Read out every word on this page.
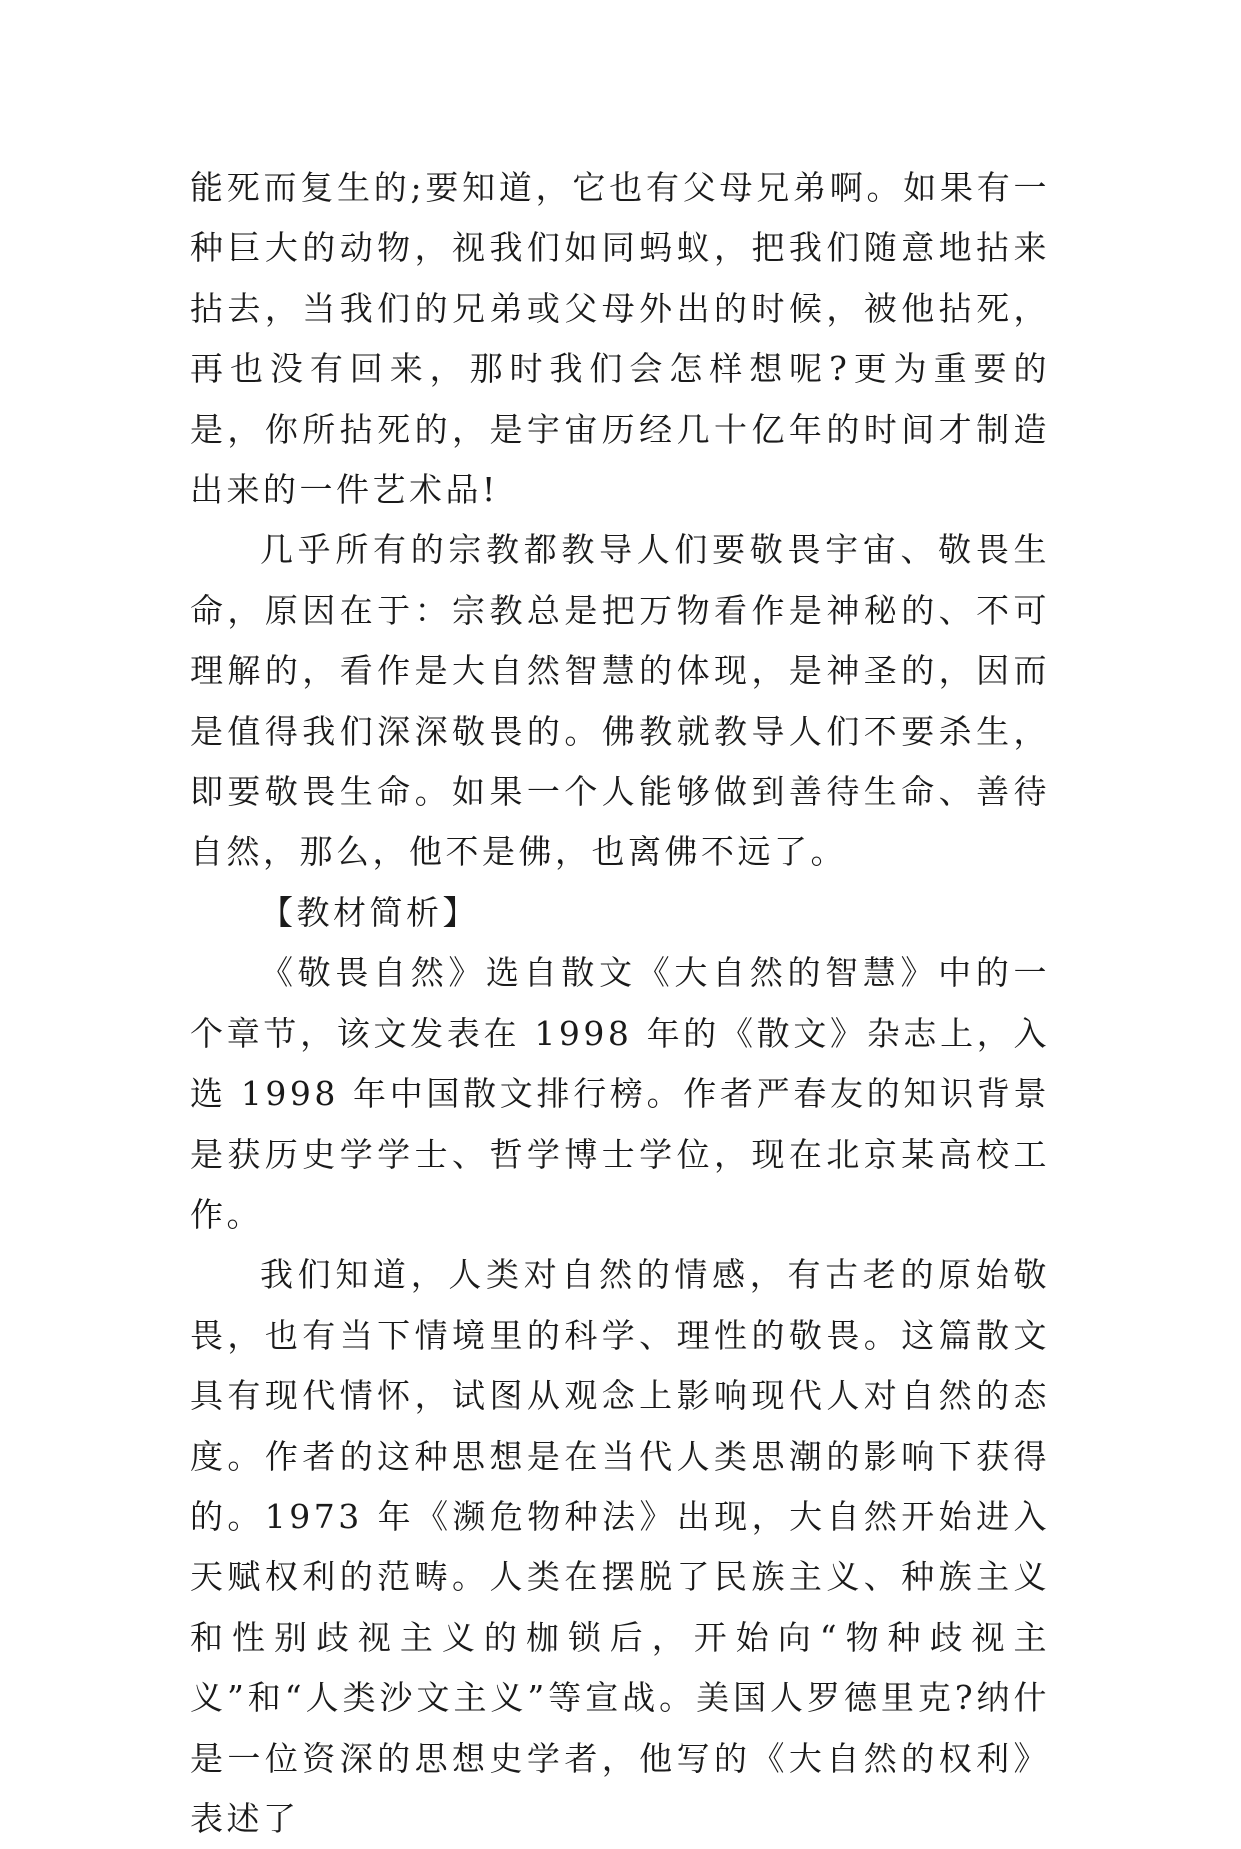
能死而复生的;要知道，它也有父母兄弟啊。如果有一种巨大的动物，视我们如同蚂蚁，把我们随意地拈来拈去，当我们的兄弟或父母外出的时候，被他拈死，再也没有回来，那时我们会怎样想呢?更为重要的是，你所拈死的，是宇宙历经几十亿年的时间才制造出来的一件艺术品!

几乎所有的宗教都教导人们要敬畏宇宙、敬畏生命，原因在于：宗教总是把万物看作是神秘的、不可理解的，看作是大自然智慧的体现，是神圣的，因而是值得我们深深敬畏的。佛教就教导人们不要杀生，即要敬畏生命。如果一个人能够做到善待生命、善待自然，那么，他不是佛，也离佛不远了。

【教材简析】

《敬畏自然》选自散文《大自然的智慧》中的一个章节，该文发表在 1998 年的《散文》杂志上，入选 1998 年中国散文排行榜。作者严春友的知识背景是获历史学学士、哲学博士学位，现在北京某高校工作。

我们知道，人类对自然的情感，有古老的原始敬畏，也有当下情境里的科学、理性的敬畏。这篇散文具有现代情怀，试图从观念上影响现代人对自然的态度。作者的这种思想是在当代人类思潮的影响下获得的。1973 年《濒危物种法》出现，大自然开始进入天赋权利的范畴。人类在摆脱了民族主义、种族主义和性别歧视主义的枷锁后，开始向“物种歧视主义”和“人类沙文主义”等宣战。美国人罗德里克?纳什是一位资深的思想史学者，他写的《大自然的权利》表述了
